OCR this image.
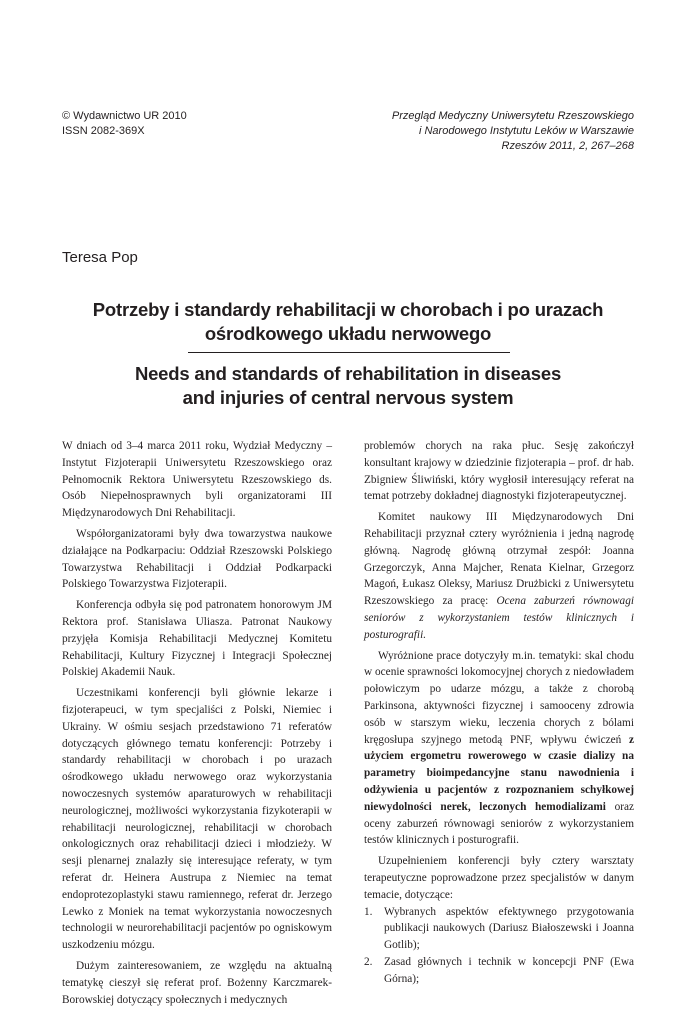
© Wydawnictwo UR 2010
ISSN 2082-369X
Przegląd Medyczny Uniwersytetu Rzeszowskiego
i Narodowego Instytutu Leków w Warszawie
Rzeszów 2011, 2, 267–268
Teresa Pop
Potrzeby i standardy rehabilitacji w chorobach i po urazach
ośrodkowego układu nerwowego
Needs and standards of rehabilitation in diseases
and injuries of central nervous system

W dniach od 3–4 marca 2011 roku, Wydział Medyczny – Instytut Fizjoterapii Uniwersytetu Rzeszowskiego oraz Pełnomocnik Rektora Uniwersytetu Rzeszowskiego ds. Osób Niepełnosprawnych byli organizatorami III Międzynarodowych Dni Rehabilitacji.

Współorganizatorami były dwa towarzystwa naukowe działające na Podkarpaciu: Oddział Rzeszowski Polskiego Towarzystwa Rehabilitacji i Oddział Podkarpacki Polskiego Towarzystwa Fizjoterapii.

Konferencja odbyła się pod patronatem honorowym JM Rektora prof. Stanisława Uliasza. Patronat Naukowy przyjęła Komisja Rehabilitacji Medycznej Komitetu Rehabilitacji, Kultury Fizycznej i Integracji Społecznej Polskiej Akademii Nauk.

Uczestnikami konferencji byli głównie lekarze i fizjoterapeuci, w tym specjaliści z Polski, Niemiec i Ukrainy. W ośmiu sesjach przedstawiono 71 referatów dotyczących głównego tematu konferencji: Potrzeby i standardy rehabilitacji w chorobach i po urazach ośrodkowego układu nerwowego oraz wykorzystania nowoczesnych systemów aparaturowych w rehabilitacji neurologicznej, możliwości wykorzystania fizykoterapii w rehabilitacji neurologicznej, rehabilitacji w chorobach onkologicznych oraz rehabilitacji dzieci i młodzieży. W sesji plenarnej znalazły się interesujące referaty, w tym referat dr. Heinera Austrupa z Niemiec na temat endoprotezoplastyki stawu ramiennego, referat dr. Jerzego Lewko z Moniek na temat wykorzystania nowoczesnych technologii w neurorehabilitacji pacjentów po ogniskowym uszkodzeniu mózgu.

Dużym zainteresowaniem, ze względu na aktualną tematykę cieszył się referat prof. Bożenny Karczmarek-Borowskiej dotyczący społecznych i medycznych

problemów chorych na raka płuc. Sesję zakończył konsultant krajowy w dziedzinie fizjoterapia – prof. dr hab. Zbigniew Śliwiński, który wygłosił interesujący referat na temat potrzeby dokładnej diagnostyki fizjoterapeutycznej.

Komitet naukowy III Międzynarodowych Dni Rehabilitacji przyznał cztery wyróżnienia i jedną nagrodę główną. Nagrodę główną otrzymał zespół: Joanna Grzegorczyk, Anna Majcher, Renata Kielnar, Grzegorz Magoń, Łukasz Oleksy, Mariusz Drużbicki z Uniwersytetu Rzeszowskiego za pracę: Ocena zaburzeń równowagi seniorów z wykorzystaniem testów klinicznych i posturografii.

Wyróżnione prace dotyczyły m.in. tematyki: skal chodu w ocenie sprawności lokomocyjnej chorych z niedowładem połowiczym po udarze mózgu, a także z chorobą Parkinsona, aktywności fizycznej i samooceny zdrowia osób w starszym wieku, leczenia chorych z bólami kręgosłupa szyjnego metodą PNF, wpływu ćwiczeń z użyciem ergometru rowerowego w czasie dializy na parametry bioimpedancyjne stanu nawodnienia i odżywienia u pacjentów z rozpoznaniem schyłkowej niewydolności nerek, leczonych hemodializami oraz oceny zaburzeń równowagi seniorów z wykorzystaniem testów klinicznych i posturografii.

Uzupełnieniem konferencji były cztery warsztaty terapeutyczne poprowadzone przez specjalistów w danym temacie, dotyczące:

1. Wybranych aspektów efektywnego przygotowania publikacji naukowych (Dariusz Białoszewski i Joanna Gotlib);
2. Zasad głównych i technik w koncepcji PNF (Ewa Górna);
